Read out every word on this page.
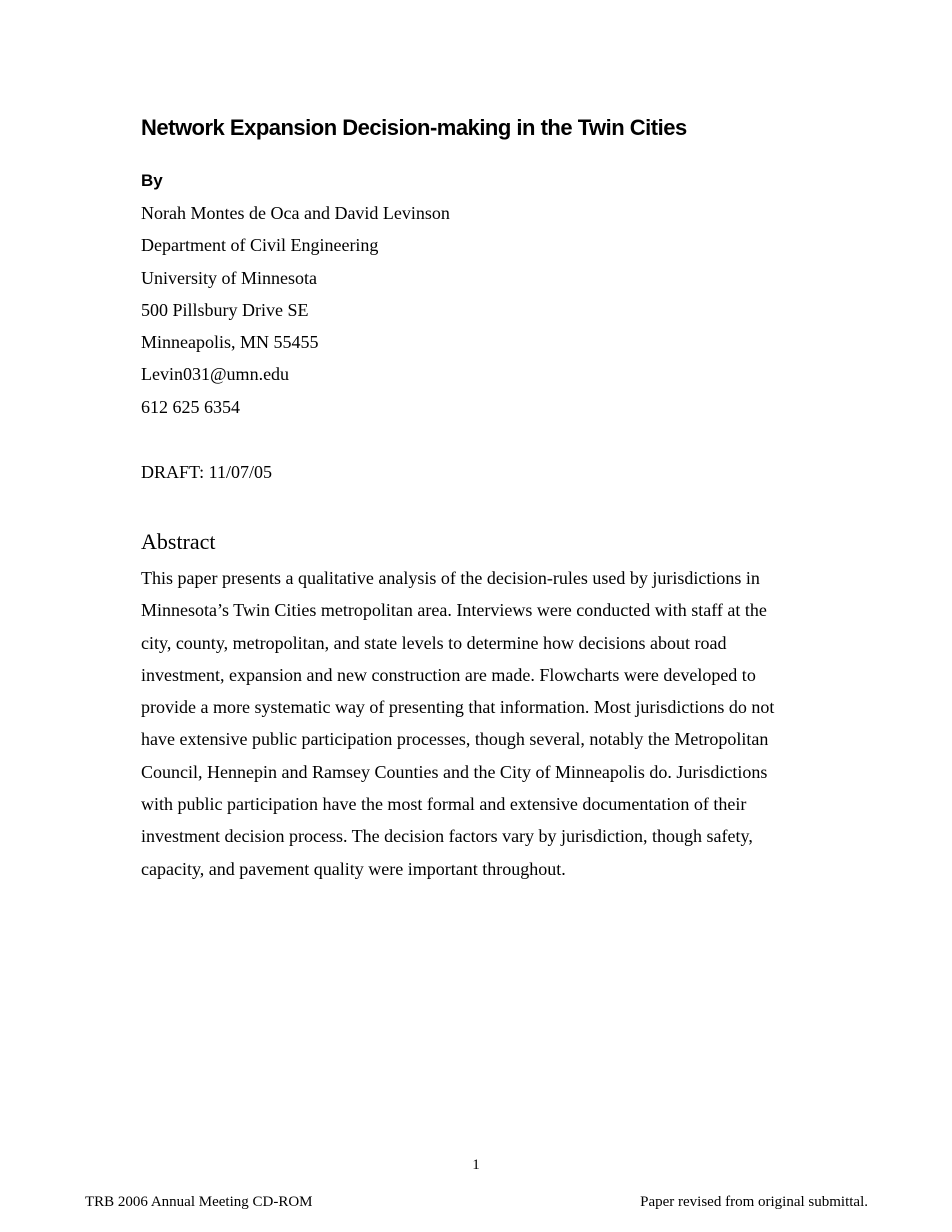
Network Expansion Decision-making in the Twin Cities
By
Norah Montes de Oca and David Levinson
Department of Civil Engineering
University of Minnesota
500 Pillsbury Drive SE
Minneapolis, MN 55455
Levin031@umn.edu
612 625 6354
DRAFT: 11/07/05
Abstract
This paper presents a qualitative analysis of the decision-rules used by jurisdictions in
Minnesota’s Twin Cities metropolitan area. Interviews were conducted with staff at the
city, county, metropolitan, and state levels to determine how decisions about road
investment, expansion and new construction are made. Flowcharts were developed to
provide a more systematic way of presenting that information. Most jurisdictions do not
have extensive public participation processes, though several, notably the Metropolitan
Council, Hennepin and Ramsey Counties and the City of Minneapolis do. Jurisdictions
with public participation have the most formal and extensive documentation of their
investment decision process. The decision factors vary by jurisdiction, though safety,
capacity, and pavement quality were important throughout.
1
TRB 2006 Annual Meeting CD-ROM	Paper revised from original submittal.
